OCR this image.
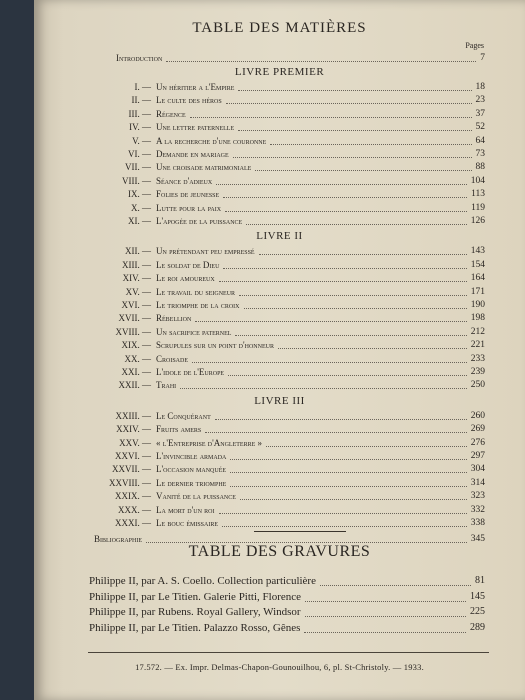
TABLE DES MATIÈRES
Pages
Introduction	7
LIVRE PREMIER
I. — Un héritier a l'Empire	18
II. — Le culte des héros	23
III. — Régence	37
IV. — Une lettre paternelle	52
V. — A la recherche d'une couronne	64
VI. — Demande en mariage	73
VII. — Une croisade matrimoniale	88
VIII. — Séance d'adieux	104
IX. — Folies de jeunesse	113
X. — Lutte pour la paix	119
XI. — L'apogée de la puissance	126
LIVRE II
XII. — Un prétendant peu empressé	143
XIII. — Le soldat de Dieu	154
XIV. — Le roi amoureux	164
XV. — Le travail du seigneur	171
XVI. — Le triomphe de la croix	190
XVII. — Rébellion	198
XVIII. — Un sacrifice paternel	212
XIX. — Scrupules sur un point d'honneur	221
XX. — Croisade	233
XXI. — L'idole de l'Europe	239
XXII. — Trahi	250
LIVRE III
XXIII. — Le Conquérant	260
XXIV. — Fruits amers	269
XXV. — « l'Entreprise d'Angleterre »	276
XXVI. — L'invincible armada	297
XXVII. — L'occasion manquée	304
XXVIII. — Le dernier triomphe	314
XXIX. — Vanité de la puissance	323
XXX. — La mort d'un roi	332
XXXI. — Le bouc émissaire	338
Bibliographie	345
TABLE DES GRAVURES
Philippe II, par A. S. Coello. Collection particulière	81
Philippe II, par Le Titien. Galerie Pitti, Florence	145
Philippe II, par Rubens. Royal Gallery, Windsor	225
Philippe II, par Le Titien. Palazzo Rosso, Gênes	289
17.572. — Ex. Impr. Delmas-Chapon-Gounouilhou, 6, pl. St-Christoly. — 1933.
